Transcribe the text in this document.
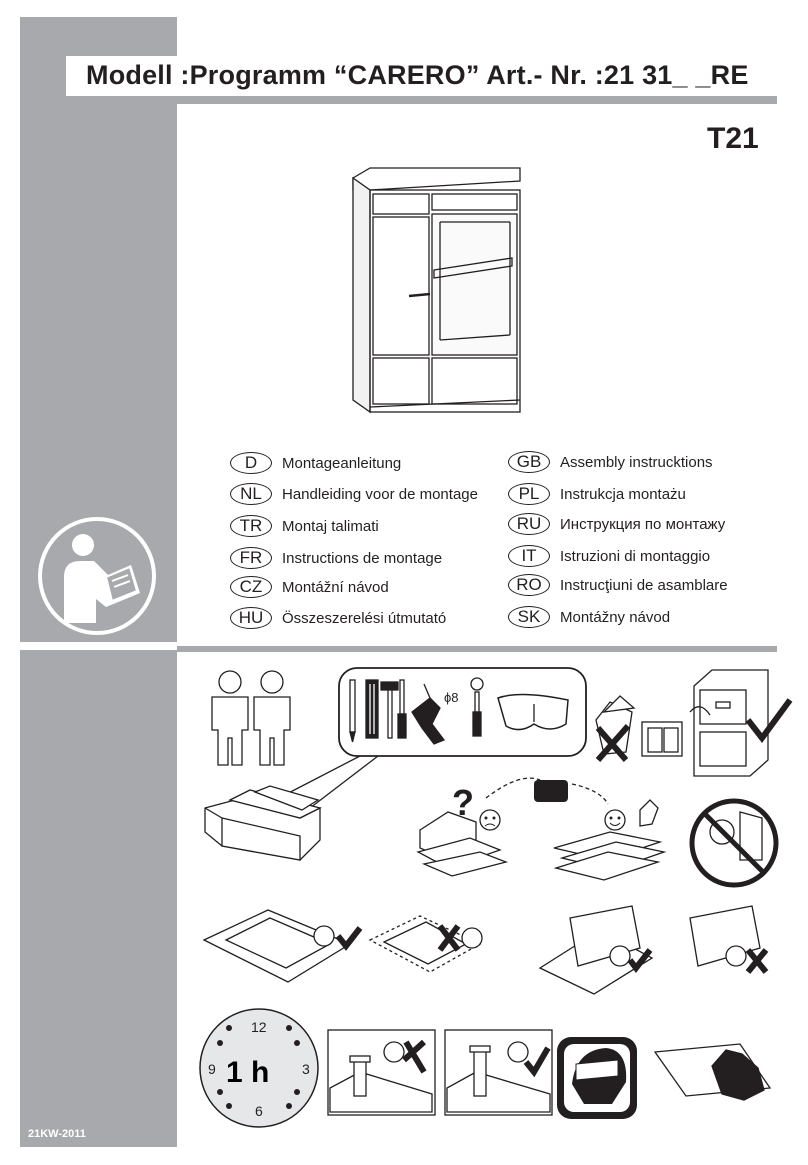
Modell :Programm “CARERO” Art.- Nr. :21 31_ _RE
T21
21KW-2011
D	Montageanleitung
NL	Handleiding voor de montage
TR	Montaj talimati
FR	Instructions de montage
CZ	Montážní návod
HU	Összeszerelési útmutató
GB	Assembly instrucktions
PL	Instrukcja montażu
RU	Инструкция по монтажу
IT	Istruzioni di montaggio
RO	Instrucţiuni de asamblare
SK	Montážny návod
ϕ8
?
12
3
6
9 1 h
